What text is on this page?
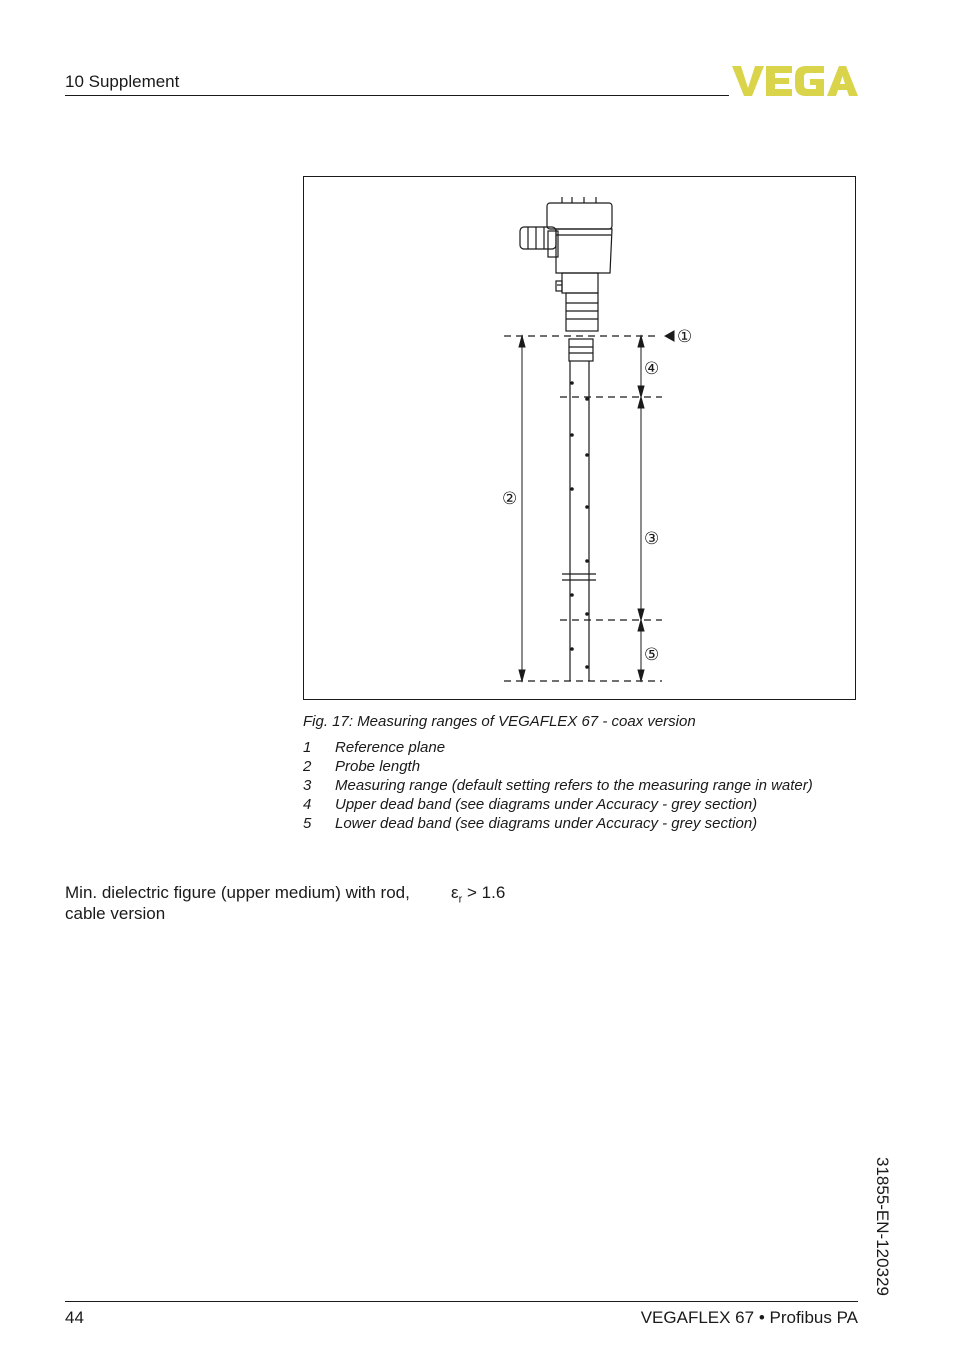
10 Supplement
①
④
②
③
⑤
Fig. 17: Measuring ranges of VEGAFLEX 67 - coax version
1	Reference plane
2	Probe length
3	Measuring range (default setting refers to the measuring range in water)
4	Upper dead band (see diagrams under Accuracy - grey section)
5	Lower dead band (see diagrams under Accuracy - grey section)
Min. dielectric figure (upper medium) with rod, cable version
$\varepsilon_r > 1.6$
31855-EN-120329
44	VEGAFLEX 67 • Profibus PA
